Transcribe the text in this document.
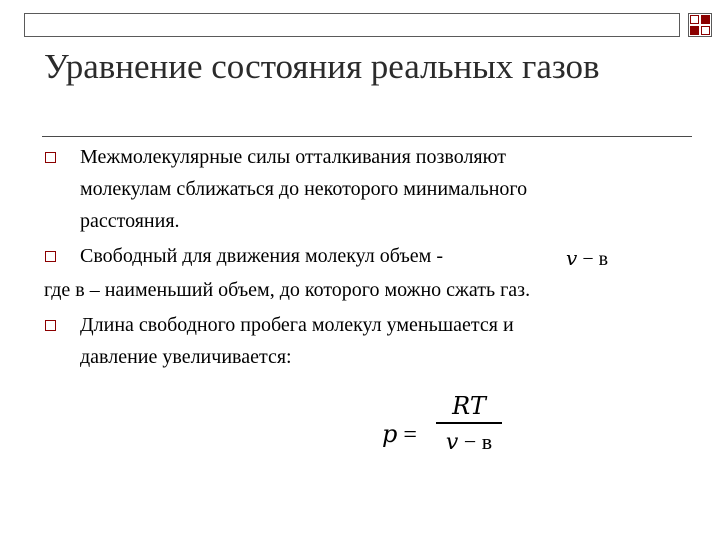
Уравнение состояния реальных газов
Межмолекулярные силы отталкивания позволяют
молекулам сближаться до некоторого минимального
расстояния.
Свободный для движения молекул объем -	v − в
где в – наименьший объем, до которого можно сжать газ.
Длина свободного пробега молекул уменьшается и
давление увеличивается:
p =
RT
v − в
